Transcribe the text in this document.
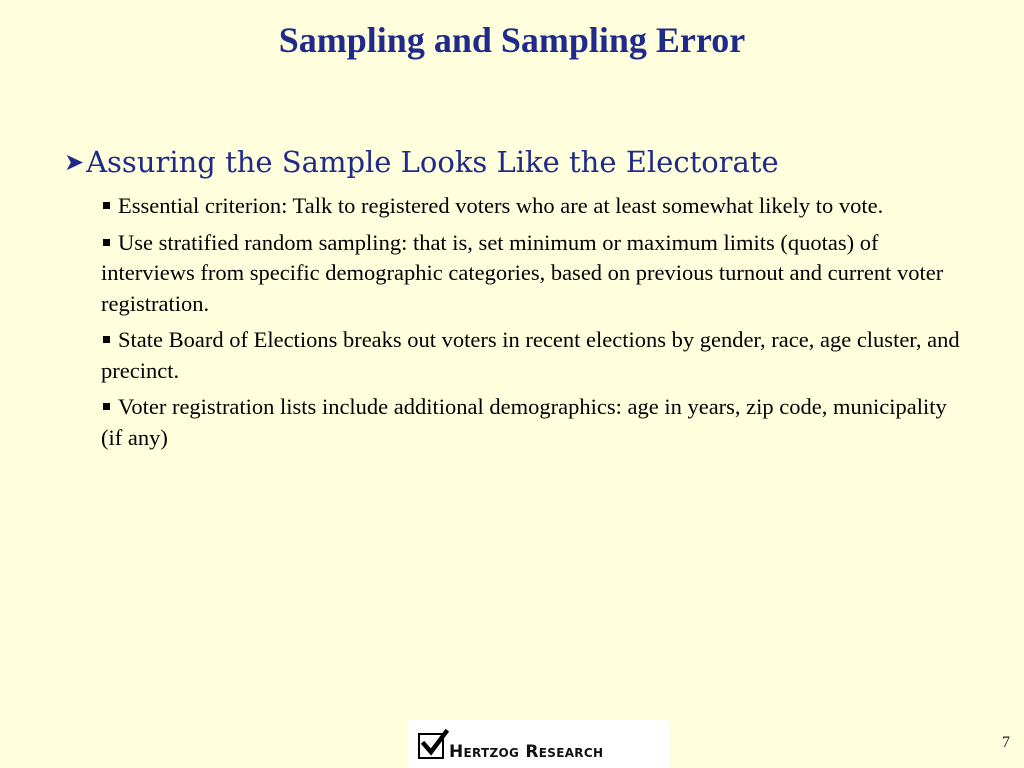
Sampling and Sampling Error
➤Assuring the Sample Looks Like the Electorate
Essential criterion: Talk to registered voters who are at least somewhat likely to vote.
Use stratified random sampling: that is, set minimum or maximum limits (quotas) of interviews from specific demographic categories, based on previous turnout and current voter registration.
State Board of Elections breaks out voters in recent elections by gender, race, age cluster, and precinct.
Voter registration lists include additional demographics: age in years, zip code, municipality (if any)
Hertzog Research	7
